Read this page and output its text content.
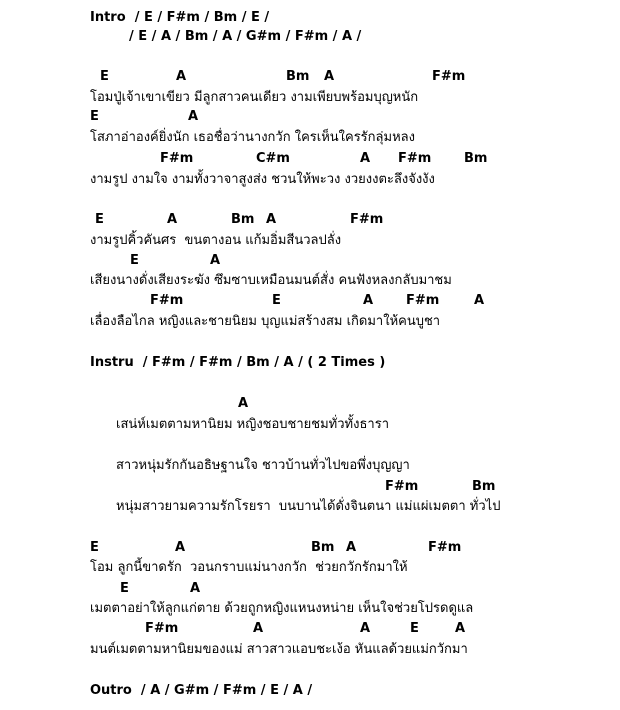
Intro  / E / F#m / Bm / E /
/ E / A / Bm / A / G#m / F#m / A /
E	A	Bm A	F#m
โอมปู่เจ้าเขาเขียว มีลูกสาวคนเดียว งามเพียบพร้อมบุญหนัก
E	A
โสภาอ่าองค์ยิ่งนัก เธอชื่อว่านางกวัก ใครเห็นใครรักลุ่มหลง
F#m	C#m	A F#m	Bm
งามรูป งามใจ งามทั้งวาจาสูงส่ง ชวนให้พะวง งวยงงตะลึงจังงัง
E	A	Bm A	F#m
งามรูปคิ้วคันศร  ขนตางอน แก้มอิ่มสีนวลปลั่ง
E	A
เสียงนางดั่งเสียงระฆัง ซึมซาบเหมือนมนต์สั่ง คนฟังหลงกลับมาชม
F#m	E	A	F#m	A
เลื่องลือไกล หญิงและชายนิยม บุญแม่สร้างสม เกิดมาให้คนบูชา
Instru  / F#m / F#m / Bm / A / ( 2 Times )
A
เสน่ห์เมตตามหานิยม หญิงชอบชายชมทั่วทั้งธารา
สาวหนุ่มรักกันอธิษฐานใจ ชาวบ้านทั่วไปขอพึ่งบุญญา
F#m	Bm
หนุ่มสาวยามความรักโรยรา  บนบานได้ดั่งจินตนา แม่แผ่เมตตา ทั่วไป
E	A	Bm A	F#m
โอม ลูกนี้ขาดรัก  วอนกราบแม่นางกวัก  ช่วยกวักรักมาให้
E	A
เมตตาอย่าให้ลูกแก่ตาย ด้วยถูกหญิงแหนงหน่าย เห็นใจช่วยโปรดดูแล
F#m	A	A	E	A
มนต์เมตตามหานิยมของแม่ สาวสาวแอบชะเง้อ หันแลด้วยแม่กวักมา
Outro  / A / G#m / F#m / E / A /
